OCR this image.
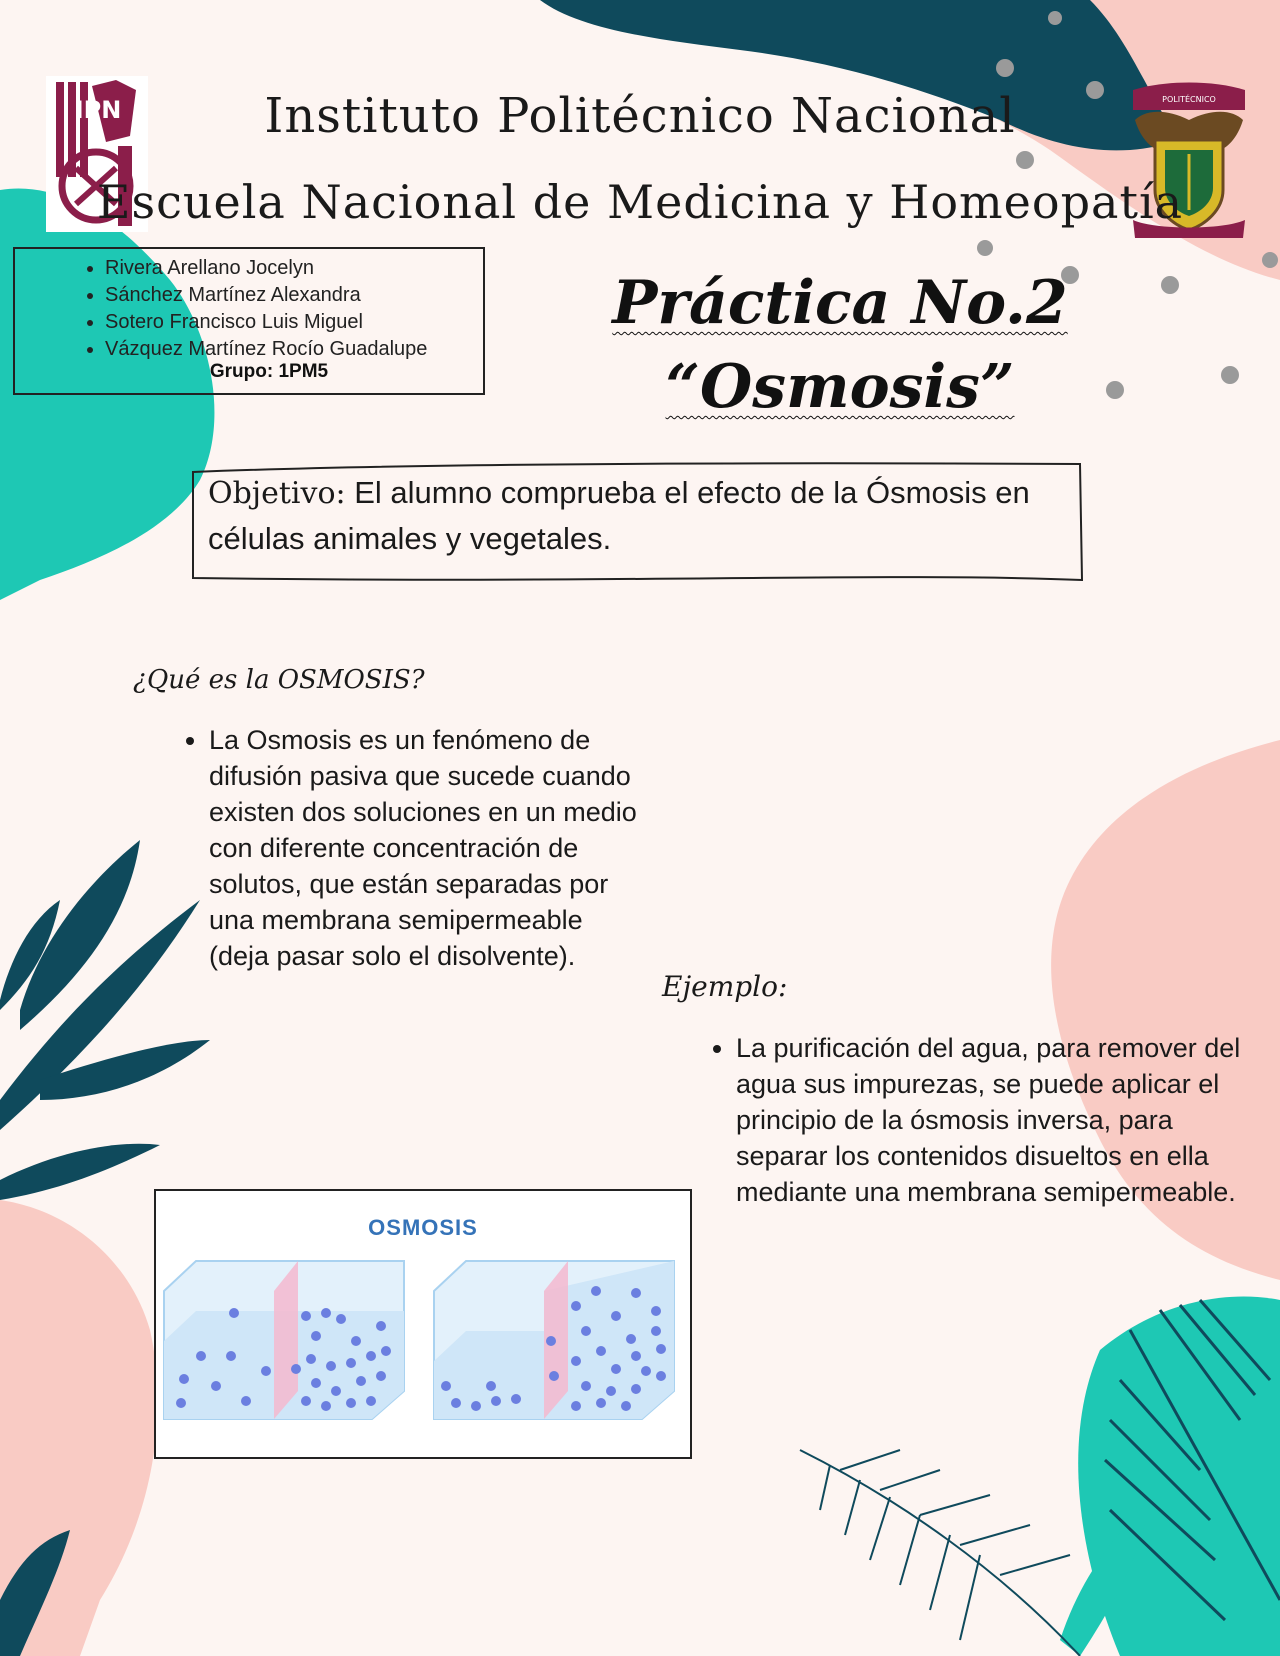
IPN	POLITÉCNICO
Instituto Politécnico Nacional
Escuela Nacional de Medicina y Homeopatía
• Rivera Arellano Jocelyn
• Sánchez Martínez Alexandra
• Sotero Francisco Luis Miguel
• Vázquez Martínez Rocío Guadalupe
Grupo: 1PM5
Práctica No.2
“Osmosis”
Objetivo: El alumno comprueba el efecto de la Ósmosis en células animales y vegetales.
¿Qué es la OSMOSIS?
• La Osmosis es un fenómeno de difusión pasiva que sucede cuando existen dos soluciones en un medio con diferente concentración de solutos, que están separadas por una membrana semipermeable (deja pasar solo el disolvente).
Ejemplo:
• La purificación del agua, para remover del agua sus impurezas, se puede aplicar el principio de la ósmosis inversa, para separar los contenidos disueltos en ella mediante una membrana semipermeable.
OSMOSIS
